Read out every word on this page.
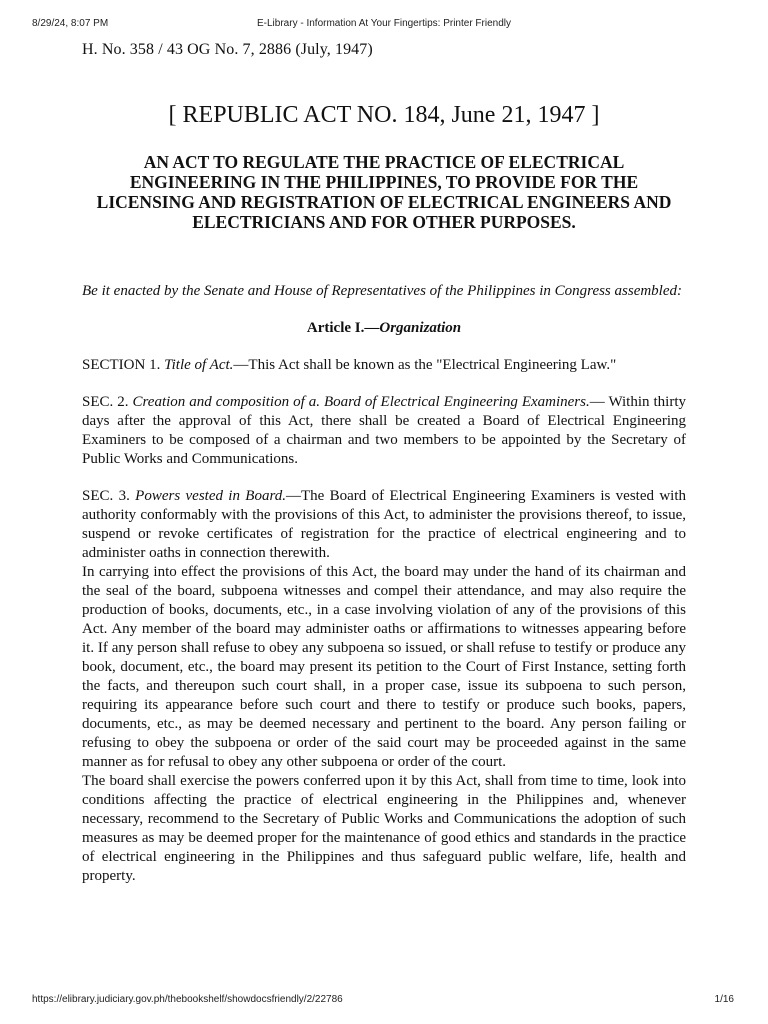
8/29/24, 8:07 PM	E-Library - Information At Your Fingertips: Printer Friendly

H. No. 358 / 43 OG No. 7, 2886 (July, 1947)

[ REPUBLIC ACT NO. 184, June 21, 1947 ]
AN ACT TO REGULATE THE PRACTICE OF ELECTRICAL ENGINEERING IN THE PHILIPPINES, TO PROVIDE FOR THE LICENSING AND REGISTRATION OF ELECTRICAL ENGINEERS AND ELECTRICIANS AND FOR OTHER PURPOSES.

Be it enacted by the Senate and House of Representatives of the Philippines in Congress assembled:

Article I.—Organization

SECTION 1. Title of Act.—This Act shall be known as the "Electrical Engineering Law."

SEC. 2. Creation and composition of a. Board of Electrical Engineering Examiners.— Within thirty days after the approval of this Act, there shall be created a Board of Electrical Engineering Examiners to be composed of a chairman and two members to be appointed by the Secretary of Public Works and Communications.

SEC. 3. Powers vested in Board.—The Board of Electrical Engineering Examiners is vested with authority conformably with the provisions of this Act, to administer the provisions thereof, to issue, suspend or revoke certificates of registration for the practice of electrical engineering and to administer oaths in connection therewith.

In carrying into effect the provisions of this Act, the board may under the hand of its chairman and the seal of the board, subpoena witnesses and compel their attendance, and may also require the production of books, documents, etc., in a case involving violation of any of the provisions of this Act. Any member of the board may administer oaths or affirmations to witnesses appearing before it. If any person shall refuse to obey any subpoena so issued, or shall refuse to testify or produce any book, document, etc., the board may present its petition to the Court of First Instance, setting forth the facts, and thereupon such court shall, in a proper case, issue its subpoena to such person, requiring its appearance before such court and there to testify or produce such books, papers, documents, etc., as may be deemed necessary and pertinent to the board. Any person failing or refusing to obey the subpoena or order of the said court may be proceeded against in the same manner as for refusal to obey any other subpoena or order of the court.

The board shall exercise the powers conferred upon it by this Act, shall from time to time, look into conditions affecting the practice of electrical engineering in the Philippines and, whenever necessary, recommend to the Secretary of Public Works and Communications the adoption of such measures as may be deemed proper for the maintenance of good ethics and standards in the practice of electrical engineering in the Philippines and thus safeguard public welfare, life, health and property.

https://elibrary.judiciary.gov.ph/thebookshelf/showdocsfriendly/2/22786	1/16
